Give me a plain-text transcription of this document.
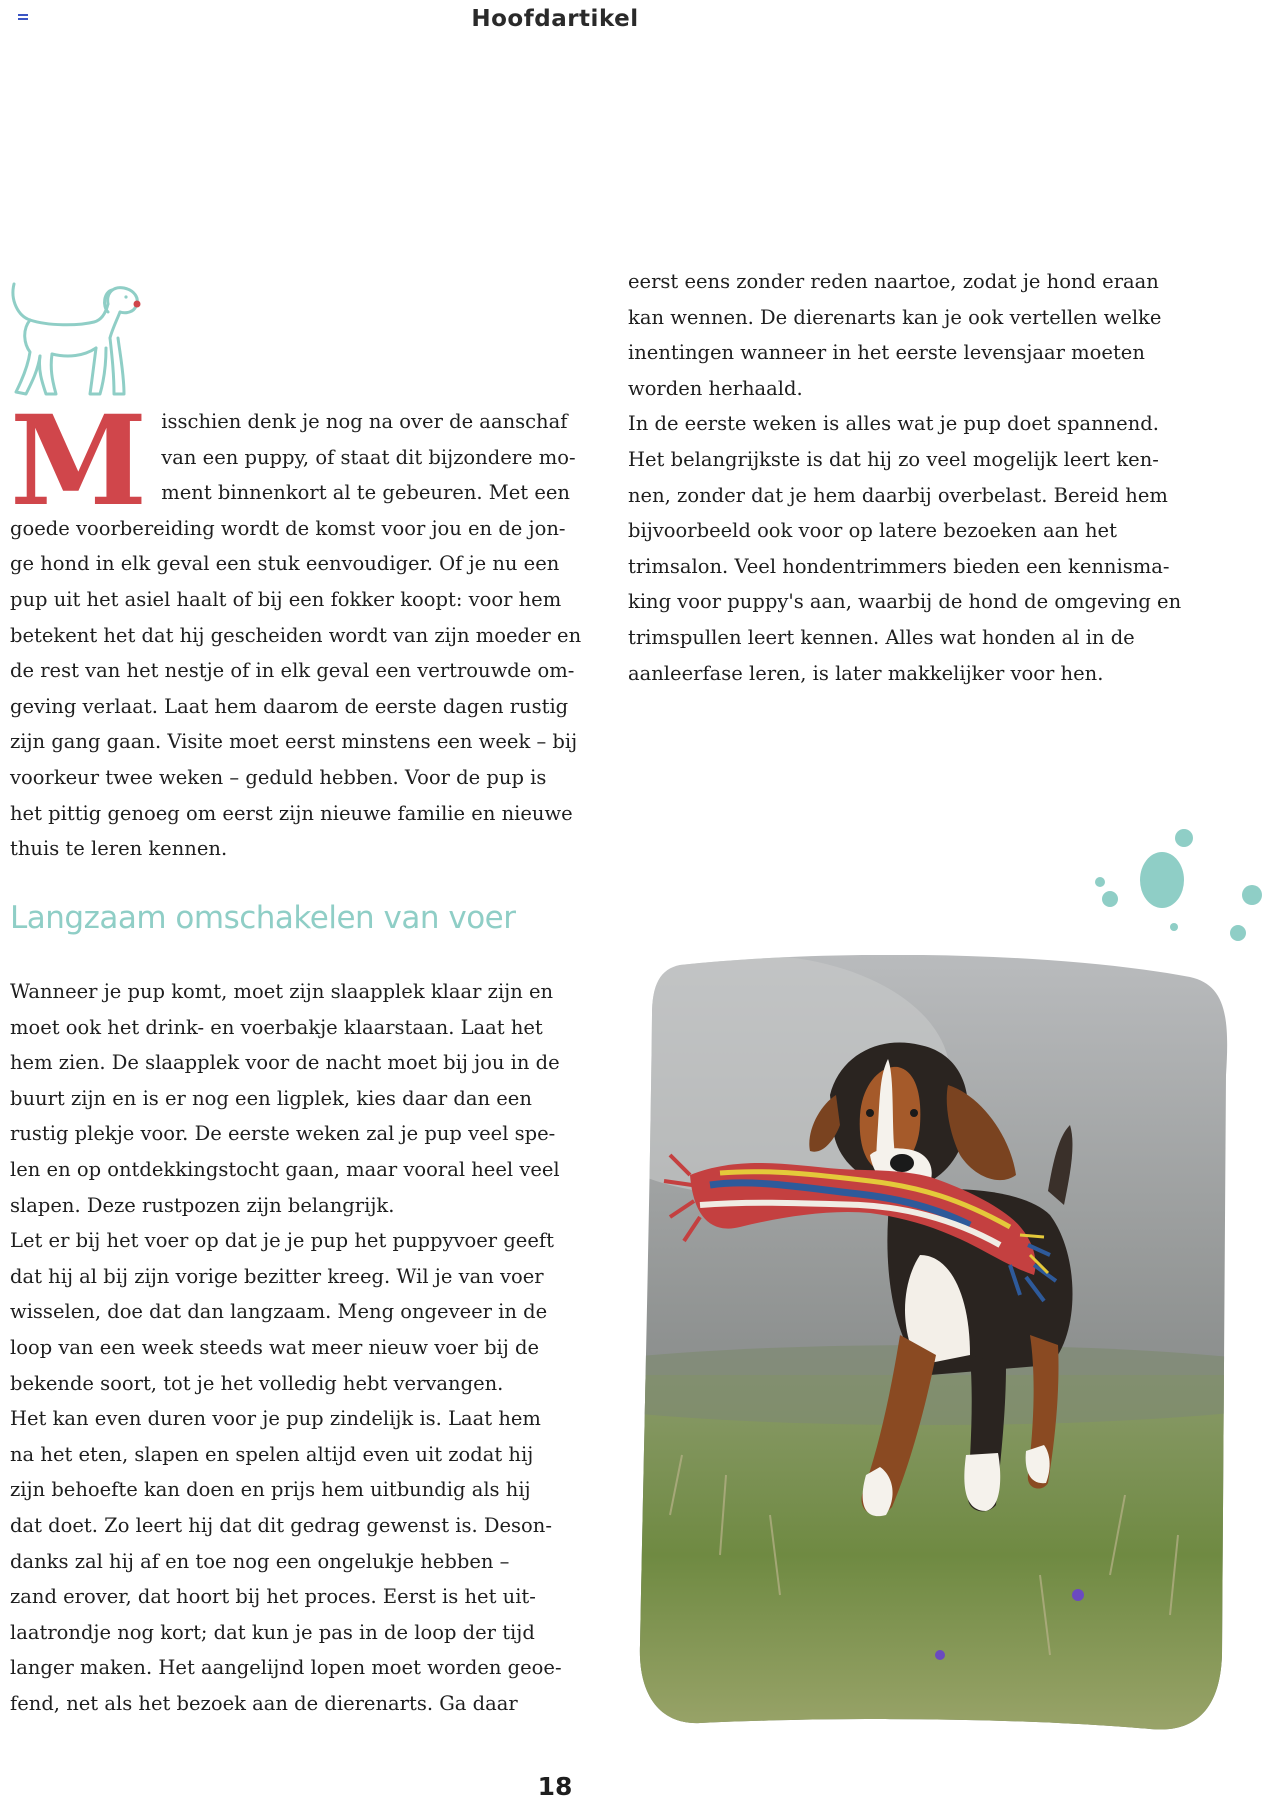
Hoofdartikel
M isschien denk je nog na over de aanschaf

van een puppy, of staat dit bijzondere mo-

ment binnenkort al te gebeuren. Met een

goede voorbereiding wordt de komst voor jou en de jon-

ge hond in elk geval een stuk eenvoudiger. Of je nu een

pup uit het asiel haalt of bij een fokker koopt: voor hem

betekent het dat hij gescheiden wordt van zijn moeder en

de rest van het nestje of in elk geval een vertrouwde om-

geving verlaat. Laat hem daarom de eerste dagen rustig

zijn gang gaan. Visite moet eerst minstens een week – bij

voorkeur twee weken – geduld hebben. Voor de pup is

het pittig genoeg om eerst zijn nieuwe familie en nieuwe

thuis te leren kennen.

Langzaam omschakelen van voer

Wanneer je pup komt, moet zijn slaapplek klaar zijn en

moet ook het drink- en voerbakje klaarstaan. Laat het

hem zien. De slaapplek voor de nacht moet bij jou in de

buurt zijn en is er nog een ligplek, kies daar dan een

rustig plekje voor. De eerste weken zal je pup veel spe-

len en op ontdekkingstocht gaan, maar vooral heel veel

slapen. Deze rustpozen zijn belangrijk.

Let er bij het voer op dat je je pup het puppyvoer geeft

dat hij al bij zijn vorige bezitter kreeg. Wil je van voer

wisselen, doe dat dan langzaam. Meng ongeveer in de

loop van een week steeds wat meer nieuw voer bij de

bekende soort, tot je het volledig hebt vervangen.

Het kan even duren voor je pup zindelijk is. Laat hem

na het eten, slapen en spelen altijd even uit zodat hij

zijn behoefte kan doen en prijs hem uitbundig als hij

dat doet. Zo leert hij dat dit gedrag gewenst is. Deson-

danks zal hij af en toe nog een ongelukje hebben –

zand erover, dat hoort bij het proces. Eerst is het uit-

laatrondje nog kort; dat kun je pas in de loop der tijd

langer maken. Het aangelijnd lopen moet worden geoe-

fend, net als het bezoek aan de dierenarts. Ga daar

eerst eens zonder reden naartoe, zodat je hond eraan

kan wennen. De dierenarts kan je ook vertellen welke

inentingen wanneer in het eerste levensjaar moeten

worden herhaald.

In de eerste weken is alles wat je pup doet spannend.

Het belangrijkste is dat hij zo veel mogelijk leert ken-

nen, zonder dat je hem daarbij overbelast. Bereid hem

bijvoorbeeld ook voor op latere bezoeken aan het

trimsalon. Veel hondentrimmers bieden een kennisma-

king voor puppy's aan, waarbij de hond de omgeving en

trimspullen leert kennen. Alles wat honden al in de

aanleerfase leren, is later makkelijker voor hen.

18
